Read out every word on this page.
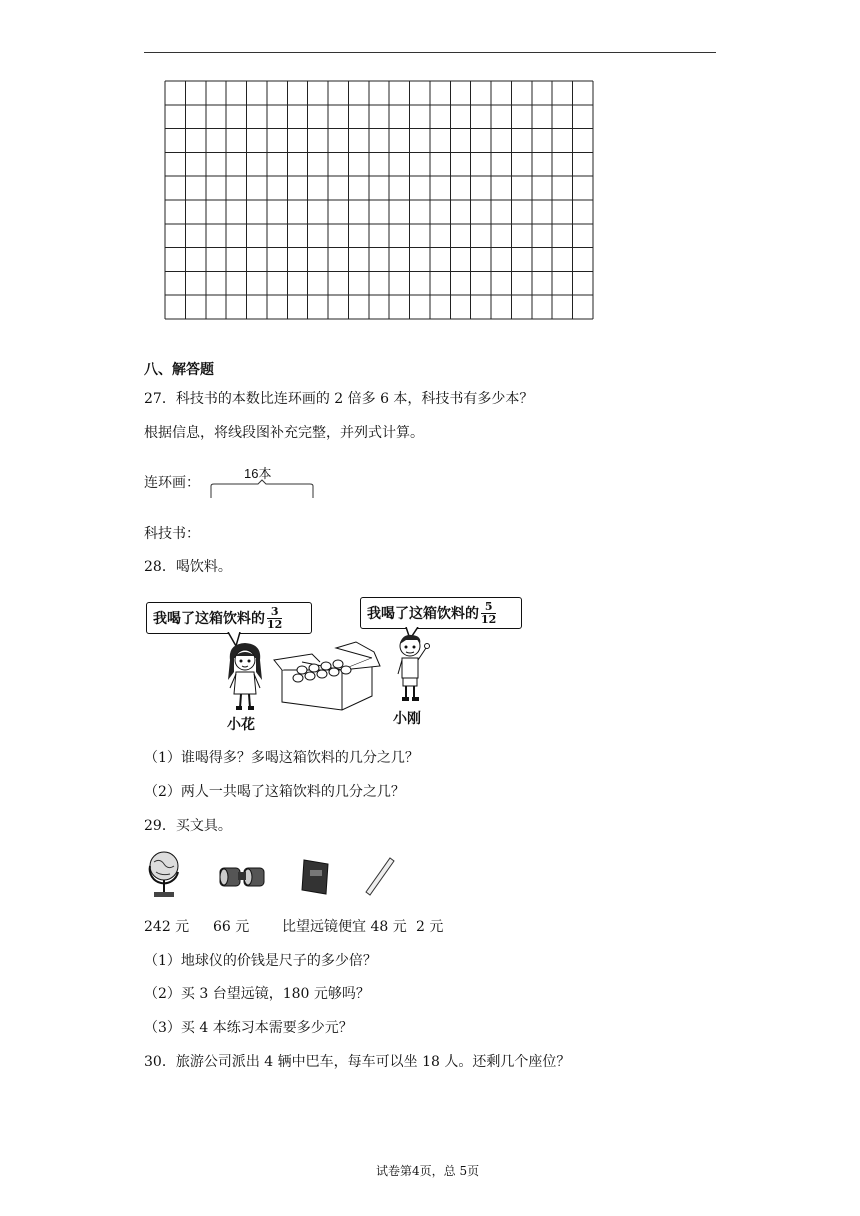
八、解答题
27．科技书的本数比连环画的 2 倍多 6 本，科技书有多少本？
根据信息，将线段图补充完整，并列式计算。
连环画：
16本
科技书：
28．喝饮料。
我喝了这箱饮料的 $\frac{3}{12}$	我喝了这箱饮料的 $\frac{5}{12}$
小花	小刚
（1）谁喝得多？多喝这箱饮料的几分之几？
（2）两人一共喝了这箱饮料的几分之几？
29．买文具。
242 元 66 元 比望远镜便宜 48 元 2 元
（1）地球仪的价钱是尺子的多少倍？
（2）买 3 台望远镜，180 元够吗？
（3）买 4 本练习本需要多少元？
30．旅游公司派出 4 辆中巴车，每车可以坐 18 人。还剩几个座位？
试卷第4页，总 5页
